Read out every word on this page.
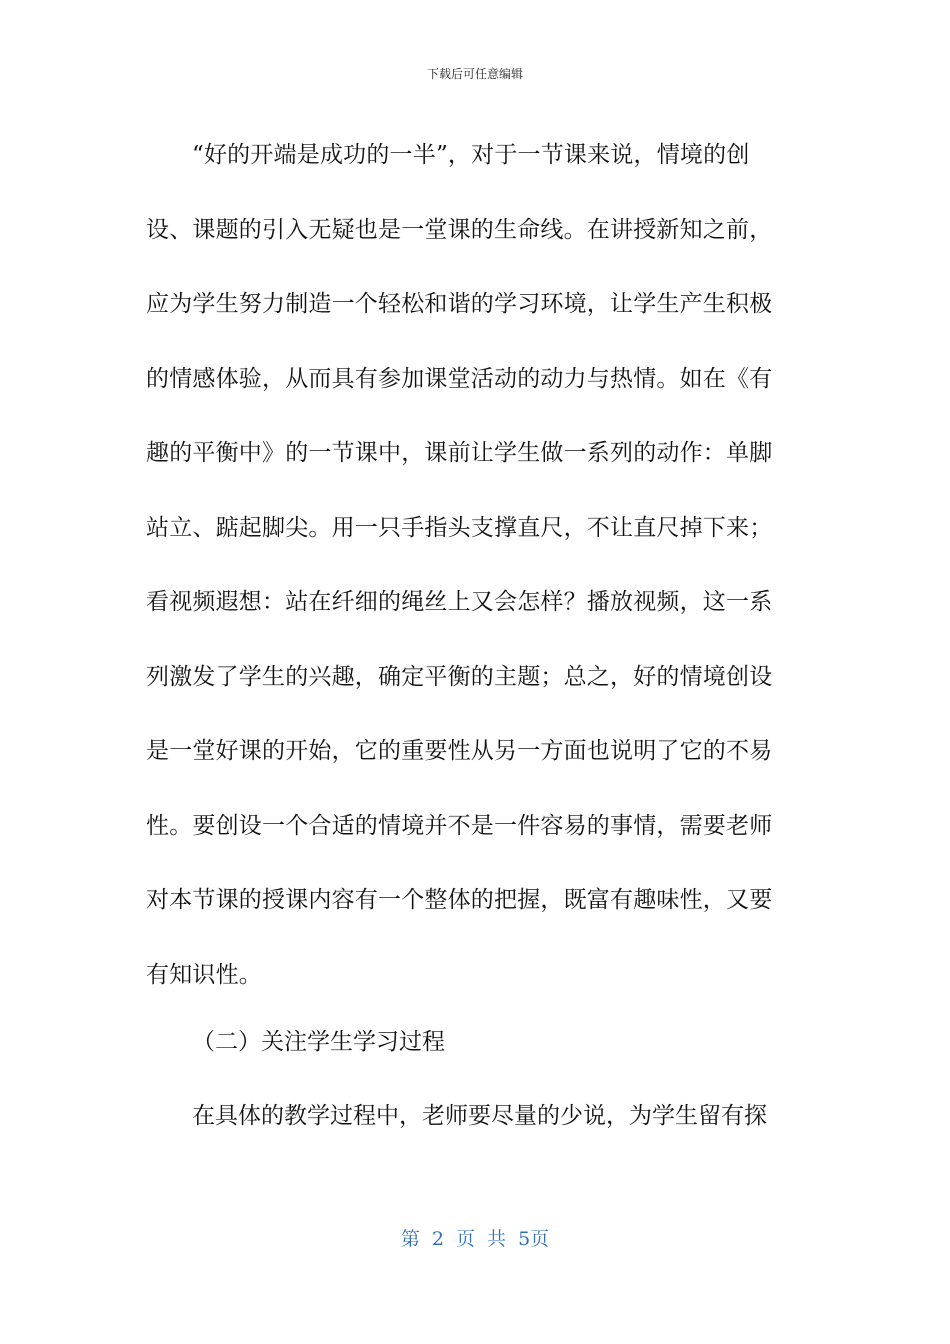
下载后可任意编辑
“好的开端是成功的一半”，对于一节课来说，情境的创
设、课题的引入无疑也是一堂课的生命线。在讲授新知之前，
应为学生努力制造一个轻松和谐的学习环境，让学生产生积极
的情感体验，从而具有参加课堂活动的动力与热情。如在《有
趣的平衡中》的一节课中，课前让学生做一系列的动作：单脚
站立、踮起脚尖。用一只手指头支撑直尺，不让直尺掉下来；
看视频遐想：站在纤细的绳丝上又会怎样？播放视频，这一系
列激发了学生的兴趣，确定平衡的主题；总之，好的情境创设
是一堂好课的开始，它的重要性从另一方面也说明了它的不易
性。要创设一个合适的情境并不是一件容易的事情，需要老师
对本节课的授课内容有一个整体的把握，既富有趣味性，又要
有知识性。
（二）关注学生学习过程
在具体的教学过程中，老师要尽量的少说，为学生留有探
第 2 页 共 5页
